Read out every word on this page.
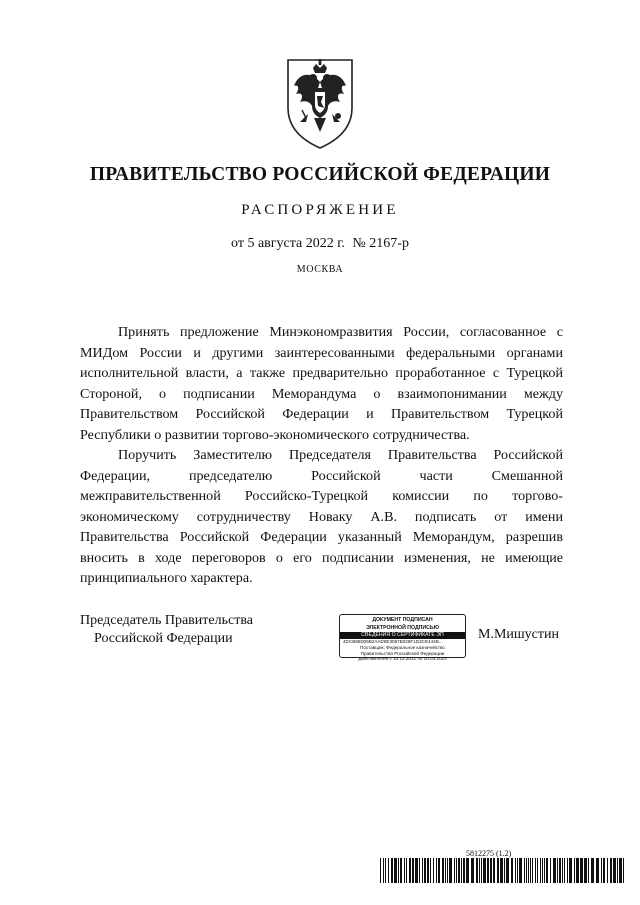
ПРАВИТЕЛЬСТВО РОССИЙСКОЙ ФЕДЕРАЦИИ
РАСПОРЯЖЕНИЕ
от 5 августа 2022 г. № 2167-р
МОСКВА

Принять предложение Минэкономразвития России, согласованное с МИДом России и другими заинтересованными федеральными органами исполнительной власти, а также предварительно проработанное с Турецкой Стороной, о подписании Меморандума о взаимопонимании между Правительством Российской Федерации и Правительством Турецкой Республики о развитии торгово-экономического сотрудничества.

Поручить Заместителю Председателя Правительства Российской Федерации, председателю Российской части Смешанной межправительственной Российско-Турецкой комиссии по торгово-экономическому сотрудничеству Новаку А.В. подписать от имени Правительства Российской Федерации указанный Меморандум, разрешив вносить в ходе переговоров о его подписании изменения, не имеющие принципиального характера.

Председатель Правительства
Российской Федерации
ДОКУМЕНТ ПОДПИСАН
ЭЛЕКТРОННОЙ ПОДПИСЬЮ
СВЕДЕНИЯ О СЕРТИФИКАТЕ ЭП
4DCB95D05B2AAD8E3067B228F1D3CE444B...
Поставщик: Федеральное казначейство
Правительство Российской Федерации
Действителен с 10.12.2021 по 10.03.2023
М.Мишустин
5812275 (1.2)
